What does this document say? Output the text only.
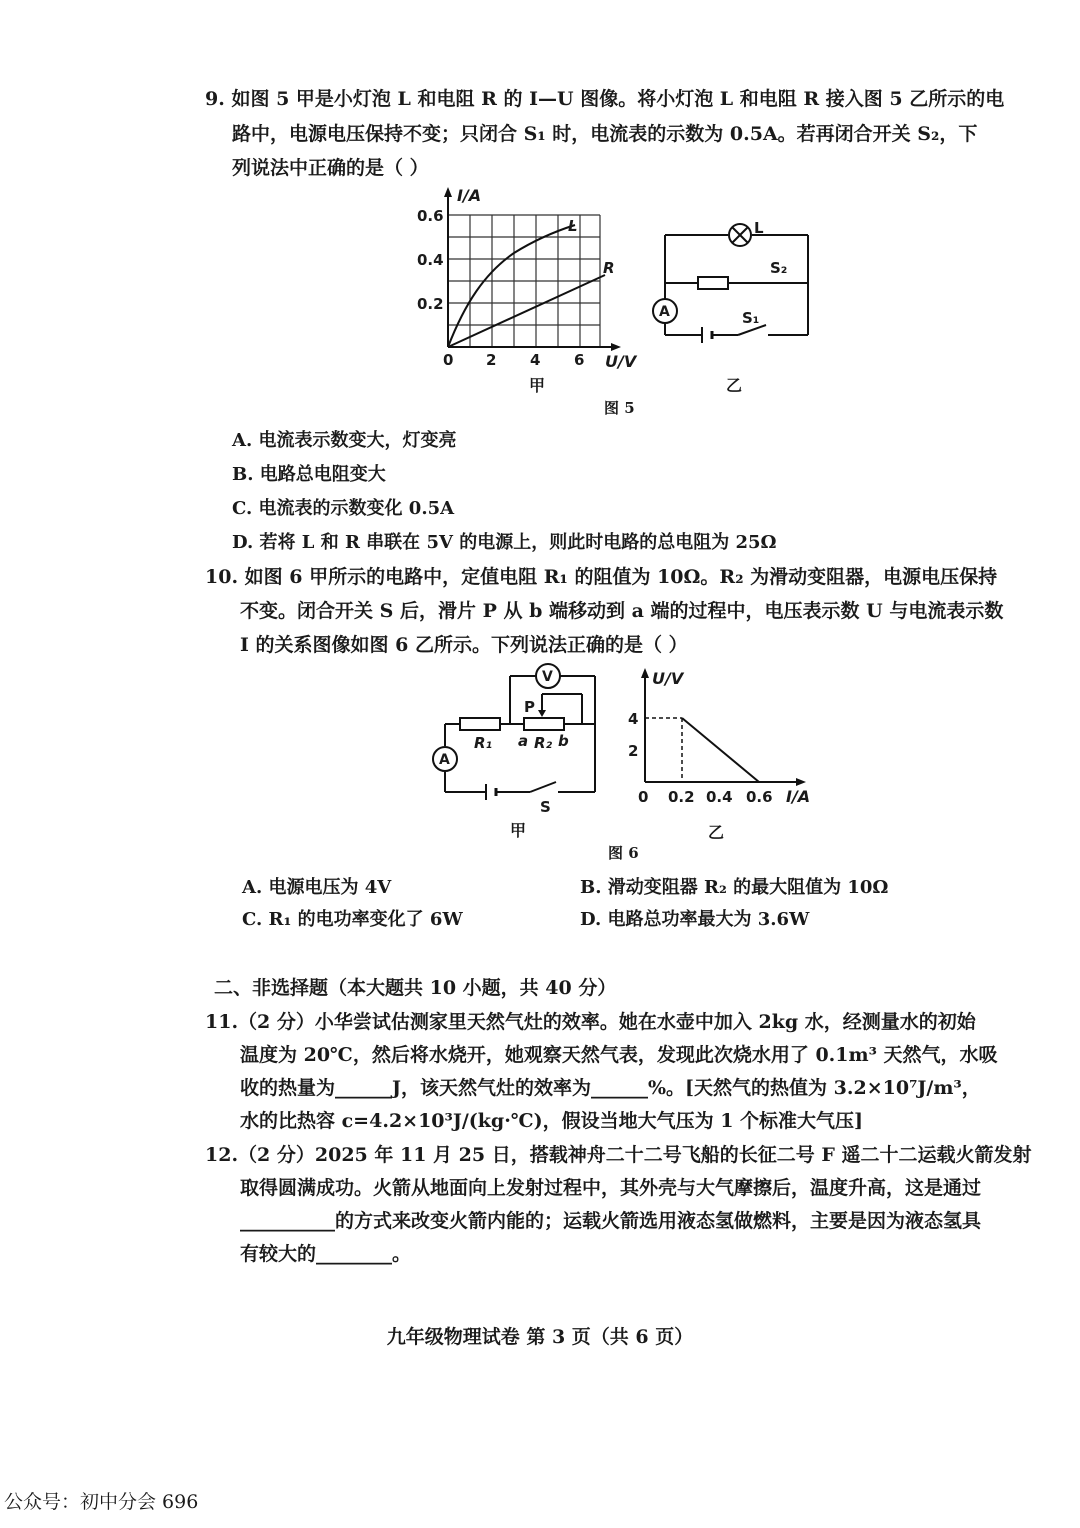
9. 如图 5 甲是小灯泡 L 和电阻 R 的 I—U 图像。将小灯泡 L 和电阻 R 接入图 5 乙所示的电
路中，电源电压保持不变；只闭合 S₁ 时，电流表的示数为 0.5A。若再闭合开关 S₂，下
列说法中正确的是（ ）
I/A
0.6
0.4
0.2
0 2 4 6 U/V
L
R
甲
L
S₂
A	S₁
乙
图 5
A. 电流表示数变大，灯变亮
B. 电路总电阻变大
C. 电流表的示数变化 0.5A
D. 若将 L 和 R 串联在 5V 的电源上，则此时电路的总电阻为 25Ω
10. 如图 6 甲所示的电路中，定值电阻 R₁ 的阻值为 10Ω。R₂ 为滑动变阻器，电源电压保持
不变。闭合开关 S 后，滑片 P 从 b 端移动到 a 端的过程中，电压表示数 U 与电流表示数
I 的关系图像如图 6 乙所示。下列说法正确的是（ ）
V
P
R₁ a R₂ b
A
S
甲
U/V
4
2
0 0.2 0.4 0.6 I/A
乙
图 6
A. 电源电压为 4V	B. 滑动变阻器 R₂ 的最大阻值为 10Ω
C. R₁ 的电功率变化了 6W	D. 电路总功率最大为 3.6W
二、非选择题（本大题共 10 小题，共 40 分）
11.（2 分）小华尝试估测家里天然气灶的效率。她在水壶中加入 2kg 水，经测量水的初始
温度为 20℃，然后将水烧开，她观察天然气表，发现此次烧水用了 0.1m³ 天然气，水吸
收的热量为______J，该天然气灶的效率为______%。[天然气的热值为 3.2×10⁷J/m³，
水的比热容 c=4.2×10³J/(kg·℃)，假设当地大气压为 1 个标准大气压]
12.（2 分）2025 年 11 月 25 日，搭载神舟二十二号飞船的长征二号 F 遥二十二运载火箭发射
取得圆满成功。火箭从地面向上发射过程中，其外壳与大气摩擦后，温度升高，这是通过
__________的方式来改变火箭内能的；运载火箭选用液态氢做燃料，主要是因为液态氢具
有较大的________。
九年级物理试卷 第 3 页（共 6 页）
公众号：初中分会 696
